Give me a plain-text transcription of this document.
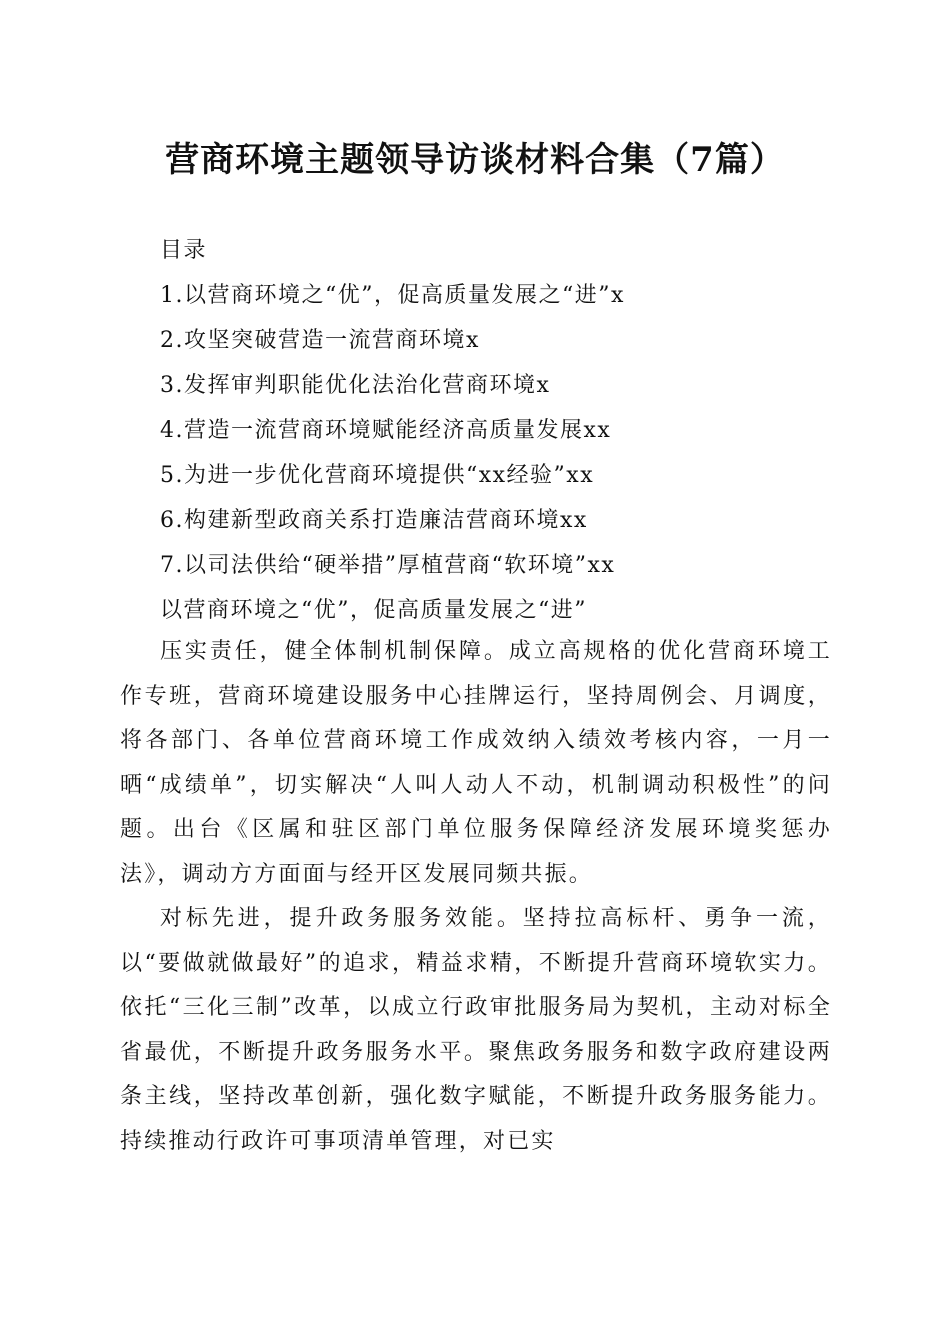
营商环境主题领导访谈材料合集（7篇）
目录
1.以营商环境之“优”，促高质量发展之“进”x
2.攻坚突破营造一流营商环境x
3.发挥审判职能优化法治化营商环境x
4.营造一流营商环境赋能经济高质量发展xx
5.为进一步优化营商环境提供“xx经验”xx
6.构建新型政商关系打造廉洁营商环境xx
7.以司法供给“硬举措”厚植营商“软环境”xx
以营商环境之“优”，促高质量发展之“进”

压实责任，健全体制机制保障。成立高规格的优化营商环境工作专班，营商环境建设服务中心挂牌运行，坚持周例会、月调度，将各部门、各单位营商环境工作成效纳入绩效考核内容，一月一晒“成绩单”，切实解决“人叫人动人不动，机制调动积极性”的问题。出台《区属和驻区部门单位服务保障经济发展环境奖惩办法》，调动方方面面与经开区发展同频共振。

对标先进，提升政务服务效能。坚持拉高标杆、勇争一流，以“要做就做最好”的追求，精益求精，不断提升营商环境软实力。依托“三化三制”改革，以成立行政审批服务局为契机，主动对标全省最优，不断提升政务服务水平。聚焦政务服务和数字政府建设两条主线，坚持改革创新，强化数字赋能，不断提升政务服务能力。持续推动行政许可事项清单管理，对已实
